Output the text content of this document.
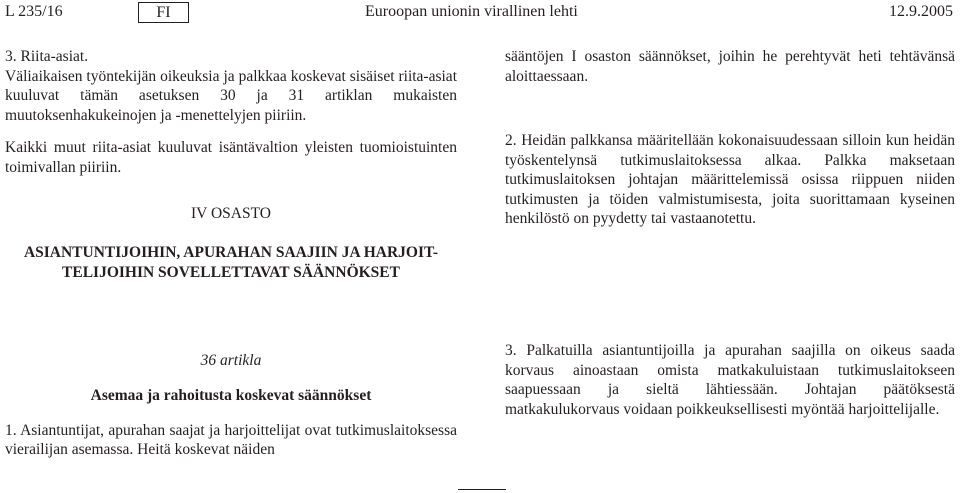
L 235/16	FI	Euroopan unionin virallinen lehti	12.9.2005

3. Riita-asiat.

Väliaikaisen työntekijän oikeuksia ja palkkaa koskevat sisäiset riita-asiat kuuluvat tämän asetuksen 30 ja 31 artiklan mukaisten muutoksenhakukeinojen ja -menettelyjen piiriin.

Kaikki muut riita-asiat kuuluvat isäntävaltion yleisten tuomioistuinten toimivallan piiriin.

IV OSASTO

ASIANTUNTIJOIHIN, APURAHAN SAAJIIN JA HARJOIT-
TELIJOIHIN SOVELLETTAVAT SÄÄNNÖKSET

sääntöjen I osaston säännökset, joihin he perehtyvät heti tehtävänsä aloittaessaan.

2. Heidän palkkansa määritellään kokonaisuudessaan silloin kun heidän työskentelynsä tutkimuslaitoksessa alkaa. Palkka maksetaan tutkimuslaitoksen johtajan määrittelemissä osissa riippuen niiden tutkimusten ja töiden valmistumisesta, joita suorittamaan kyseinen henkilöstö on pyydetty tai vastaanotettu.

36 artikla

Asemaa ja rahoitusta koskevat säännökset

1. Asiantuntijat, apurahan saajat ja harjoittelijat ovat tutkimuslaitoksessa vierailijan asemassa. Heitä koskevat näiden

3. Palkatuilla asiantuntijoilla ja apurahan saajilla on oikeus saada korvaus ainoastaan omista matkakuluistaan tutkimuslaitokseen saapuessaan ja sieltä lähtiessään. Johtajan päätöksestä matkakulukorvaus voidaan poikkeuksellisesti myöntää harjoittelijalle.
